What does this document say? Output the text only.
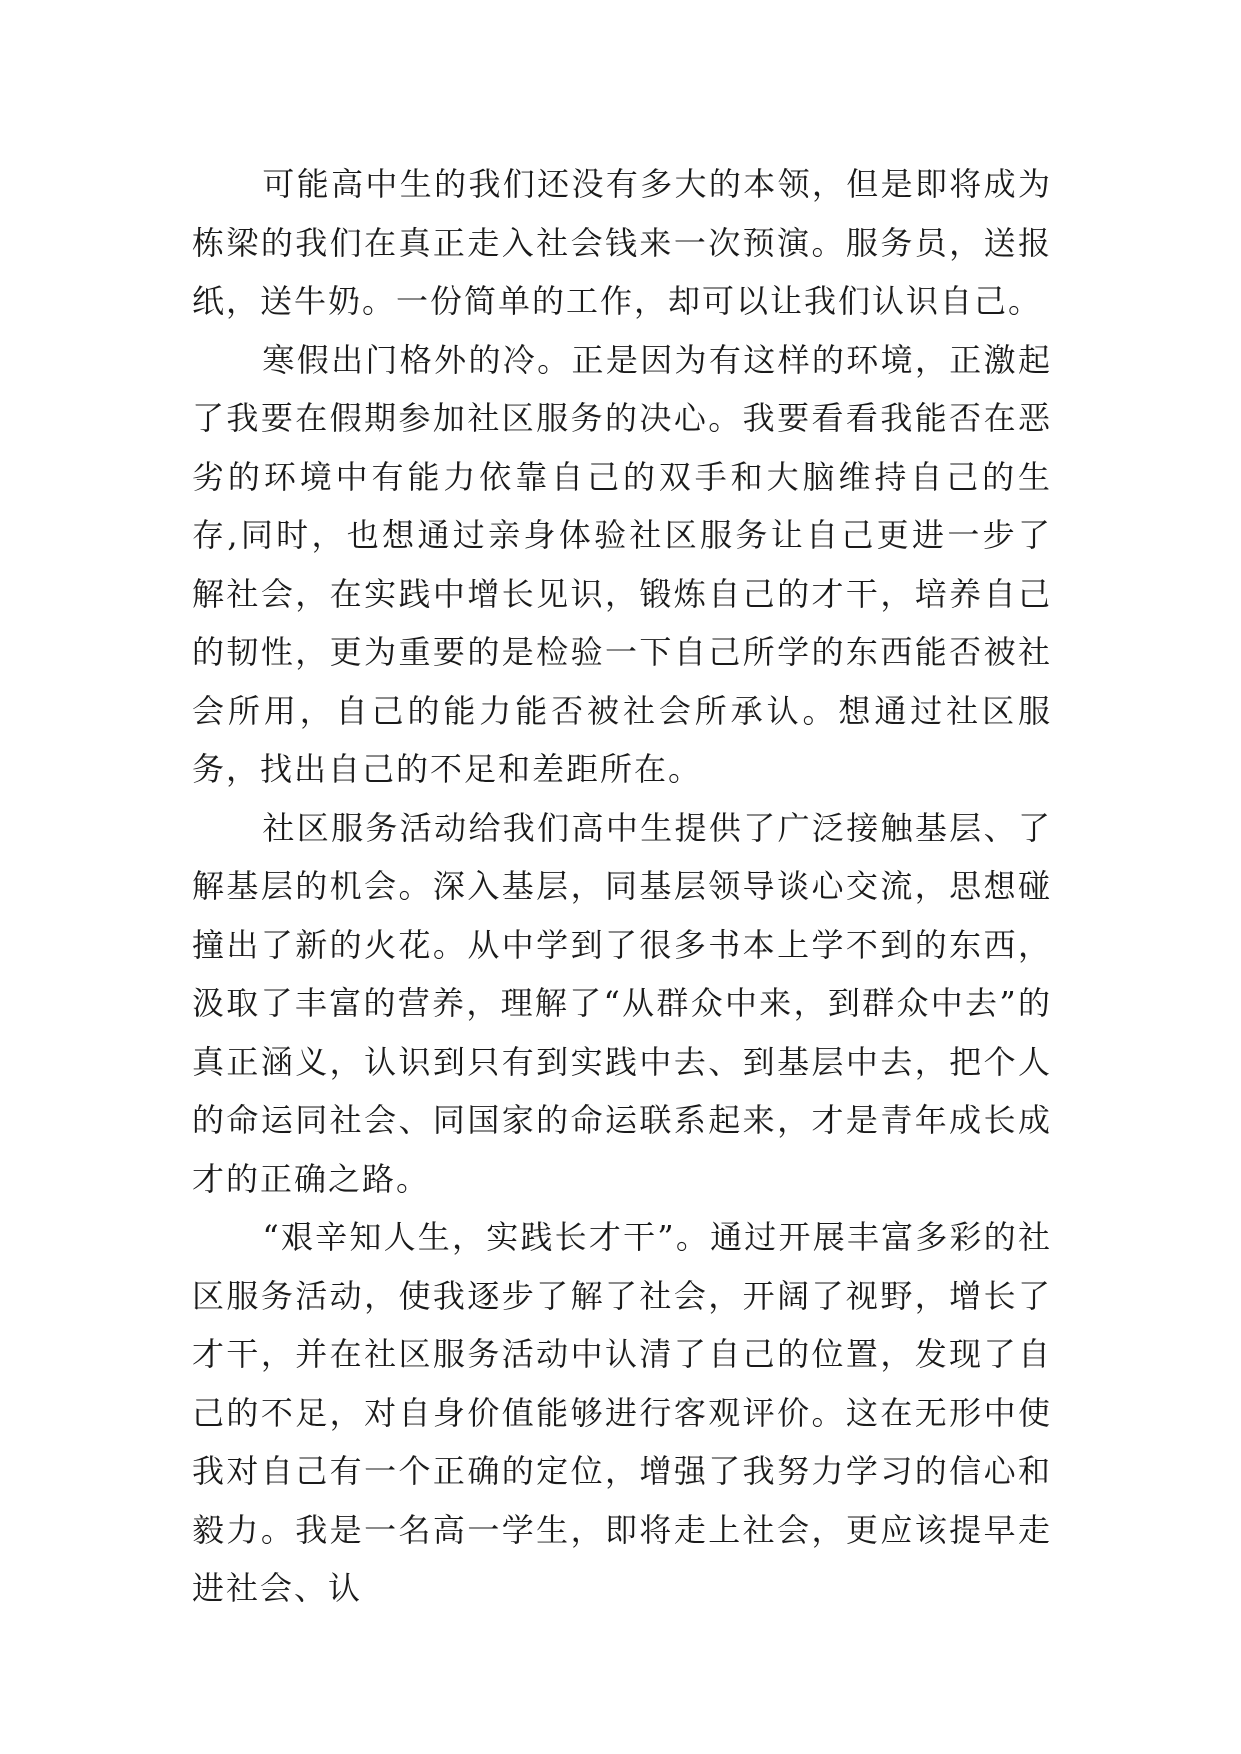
可能高中生的我们还没有多大的本领，但是即将成为栋梁的我们在真正走入社会钱来一次预演。服务员，送报纸，送牛奶。一份简单的工作，却可以让我们认识自己。

寒假出门格外的冷。正是因为有这样的环境，正激起了我要在假期参加社区服务的决心。我要看看我能否在恶劣的环境中有能力依靠自己的双手和大脑维持自己的生存,同时，也想通过亲身体验社区服务让自己更进一步了解社会，在实践中增长见识，锻炼自己的才干，培养自己的韧性，更为重要的是检验一下自己所学的东西能否被社会所用，自己的能力能否被社会所承认。想通过社区服务，找出自己的不足和差距所在。

社区服务活动给我们高中生提供了广泛接触基层、了解基层的机会。深入基层，同基层领导谈心交流，思想碰撞出了新的火花。从中学到了很多书本上学不到的东西，汲取了丰富的营养，理解了“从群众中来，到群众中去”的真正涵义，认识到只有到实践中去、到基层中去，把个人的命运同社会、同国家的命运联系起来，才是青年成长成才的正确之路。

“艰辛知人生，实践长才干”。通过开展丰富多彩的社区服务活动，使我逐步了解了社会，开阔了视野，增长了才干，并在社区服务活动中认清了自己的位置，发现了自己的不足，对自身价值能够进行客观评价。这在无形中使我对自己有一个正确的定位，增强了我努力学习的信心和毅力。我是一名高一学生，即将走上社会，更应该提早走进社会、认
